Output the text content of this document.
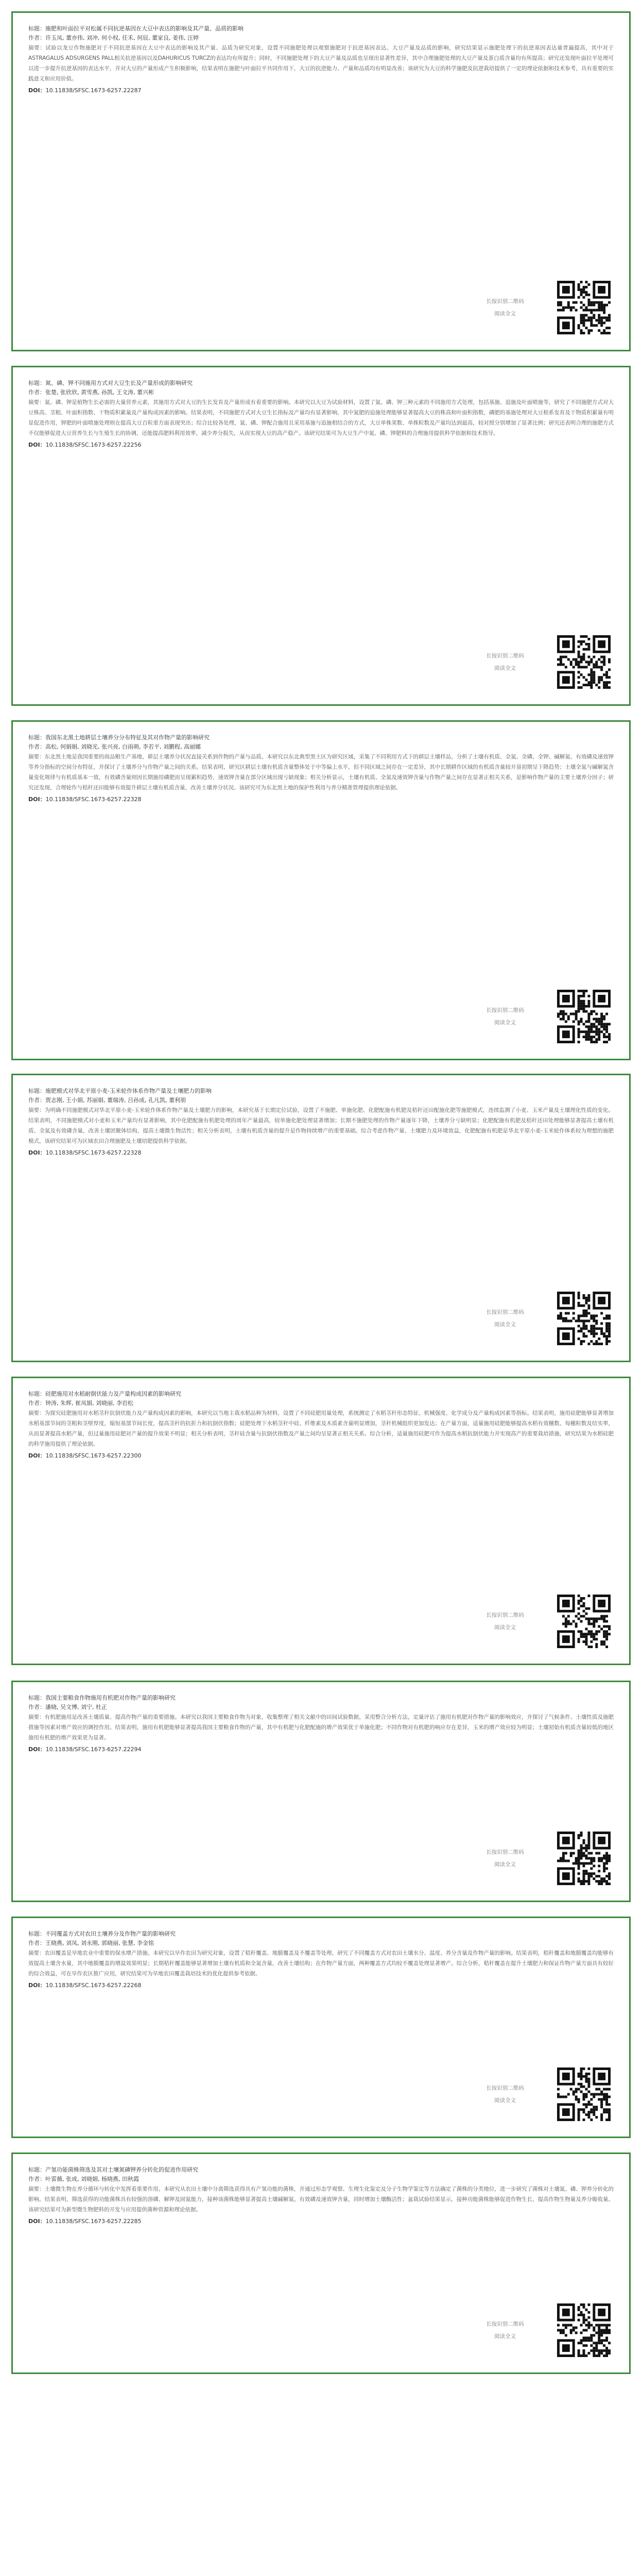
标题：施肥和叶面拉平对松属不同抗逆基因在大豆中表达的影响及其产量、品质的影响
作者：许玉凤, 董亦伟, 刘冲, 何小权, 任禾, 何辰, 董家良, 姜伟, 汪婷
摘要：试验以龙豆作物施肥对于不同抗逆基因在大豆中表达的影响及其产量、品质为研究对象，设置不同施肥处理以观察施肥对于抗逆基因表达、大豆产量及品质的影响，研究结果显示施肥处理下的抗逆基因表达量普遍提高，其中对于ASTRAGALUS ADSURGENS PALL相关抗逆基因以及DAHURICUS TURCZ的表达均有所提升；同时，不同施肥处理下的大豆产量及品质也呈现出显著性差异，其中合理施肥处理的大豆产量及蛋白质含量均有所提高；研究还发现叶面拉平处理可以进一步提升抗逆基因的表达水平，并对大豆的产量形成产生积极影响，结果表明在施肥与叶面拉平共同作用下，大豆的抗逆能力、产量和品质均有明显改善；该研究为大豆的科学施肥及抗逆栽培提供了一定的理论依据和技术参考，具有重要的实践意义和应用价值。
DOI：10.11838/SFSC.1673-6257.22287
长按识别二维码
阅读全文
标题：氮、磷、钾不同施用方式对大豆生长及产量形成的影响研究
作者：张楚, 张欣欣, 黄雪燕, 孙凯, 王文涛, 董兴彬
摘要：氮、磷、钾是植物生长必需的大量营养元素，其施用方式对大豆的生长发育及产量形成有着重要的影响。本研究以大豆为试验材料，设置了氮、磷、钾三种元素的不同施用方式处理，包括基施、追施及叶面喷施等，研究了不同施肥方式对大豆株高、茎粗、叶面积指数、干物质积累量及产量构成因素的影响。结果表明，不同施肥方式对大豆生长指标及产量均有显著影响，其中氮肥的追施处理能够显著提高大豆的株高和叶面积指数，磷肥的基施处理对大豆根系发育及干物质积累量有明显促进作用，钾肥的叶面喷施处理则在提高大豆百粒重方面表现突出；综合比较各处理，氮、磷、钾配合施用且采用基施与追施相结合的方式，大豆单株荚数、单株粒数及产量均达到最高，较对照分别增加了显著比例；研究还表明合理的施肥方式不仅能够促进大豆营养生长与生殖生长的协调，还能提高肥料利用效率，减少养分损失，从而实现大豆的高产稳产。该研究结果可为大豆生产中氮、磷、钾肥料的合理施用提供科学依据和技术指导。
DOI：10.11838/SFSC.1673-6257.22256
长按识别二维码
阅读全文
标题：我国东北黑土地耕层土壤养分分布特征及其对作物产量的影响研究
作者：高松, 何娟娟, 刘晓光, 张兴亮, 白雨萌, 李若平, 刘鹏程, 高丽娜
摘要：东北黑土地是我国重要的商品粮生产基地，耕层土壤养分状况直接关系到作物的产量与品质。本研究以东北典型黑土区为研究区域，采集了不同利用方式下的耕层土壤样品，分析了土壤有机质、全氮、全磷、全钾、碱解氮、有效磷及速效钾等养分指标的空间分布特征，并探讨了土壤养分与作物产量之间的关系。结果表明，研究区耕层土壤有机质含量整体处于中等偏上水平，但不同区域之间存在一定差异，其中长期耕作区域的有机质含量较开垦初期呈下降趋势；土壤全氮与碱解氮含量变化规律与有机质基本一致，有效磷含量则因长期施用磷肥而呈现累积趋势，速效钾含量在部分区域出现亏缺现象；相关分析显示，土壤有机质、全氮及速效钾含量与作物产量之间存在显著正相关关系，是影响作物产量的主要土壤养分因子；研究还发现，合理轮作与秸秆还田能够有效提升耕层土壤有机质含量，改善土壤养分状况。该研究可为东北黑土地的保护性利用与养分精准管理提供理论依据。
DOI：10.11838/SFSC.1673-6257.22328
长按识别二维码
阅读全文
标题：施肥模式对华北平原小麦-玉米轮作体系作物产量及土壤肥力的影响
作者：贾志刚, 王小娟, 苏丽娟, 董瑞涛, 吕孙成, 孔凡凯, 董利朋
摘要：为明确不同施肥模式对华北平原小麦-玉米轮作体系作物产量及土壤肥力的影响，本研究基于长期定位试验，设置了不施肥、单施化肥、化肥配施有机肥及秸秆还田配施化肥等施肥模式，连续监测了小麦、玉米产量及土壤理化性质的变化。结果表明，不同施肥模式对小麦和玉米产量均有显著影响，其中化肥配施有机肥处理的周年产量最高，较单施化肥处理显著增加；长期不施肥处理的作物产量逐年下降，土壤养分亏缺明显；化肥配施有机肥及秸秆还田处理能够显著提高土壤有机质、全氮及有效磷含量，改善土壤团聚体结构，提高土壤微生物活性；相关分析表明，土壤有机质含量的提升是作物持续增产的重要基础。综合考虑作物产量、土壤肥力及环境效益，化肥配施有机肥是华北平原小麦-玉米轮作体系较为理想的施肥模式，该研究结果可为区域农田合理施肥及土壤培肥提供科学依据。
DOI：10.11838/SFSC.1673-6257.22328
长按识别二维码
阅读全文
标题：硅肥施用对水稻耐倒伏能力及产量构成因素的影响研究
作者：钟涛, 朱辉, 崔凤娟, 刘晓丽, 李岩松
摘要：为探究硅肥施用对水稻茎秆抗倒伏能力及产量构成因素的影响，本研究以当地主栽水稻品种为材料，设置了不同硅肥用量处理，系统测定了水稻茎秆形态特征、机械强度、化学成分及产量构成因素等指标。结果表明，施用硅肥能够显著增加水稻基部节间的茎粗和茎壁厚度，缩短基部节间长度，提高茎秆的抗折力和抗倒伏指数；硅肥处理下水稻茎秆中硅、纤维素及木质素含量明显增加，茎秆机械组织更加发达；在产量方面，适量施用硅肥能够提高水稻有效穗数、每穗粒数及结实率，从而显著提高水稻产量，但过量施用硅肥对产量的提升效果不明显；相关分析表明，茎秆硅含量与抗倒伏指数及产量之间均呈显著正相关关系。综合分析，适量施用硅肥可作为提高水稻抗倒伏能力并实现高产的重要栽培措施，研究结果为水稻硅肥的科学施用提供了理论依据。
DOI：10.11838/SFSC.1673-6257.22300
长按识别二维码
阅读全文
标题：我国主要粮食作物施用有机肥对作物产量的影响研究
作者：潘晓, 吴文博, 刘宁, 杜正
摘要：有机肥施用是改善土壤质量、提高作物产量的重要措施。本研究以我国主要粮食作物为对象，收集整理了相关文献中的田间试验数据，采用整合分析方法，定量评估了施用有机肥对作物产量的影响效应，并探讨了气候条件、土壤性质及施肥措施等因素对增产效应的调控作用。结果表明，施用有机肥能够显著提高我国主要粮食作物的产量，其中有机肥与化肥配施的增产效果优于单施化肥；不同作物对有机肥的响应存在差异，玉米的增产效应较为明显；土壤初始有机质含量较低的地区施用有机肥的增产效果更为显著。
DOI：10.11838/SFSC.1673-6257.22294
长按识别二维码
阅读全文
标题：不同覆盖方式对农田土壤养分及作物产量的影响研究
作者：王晓燕, 刘凤, 刘永刚, 郭晓丽, 张慧, 李金铭
摘要：农田覆盖是旱地农业中重要的保水增产措施。本研究以旱作农田为研究对象，设置了秸秆覆盖、地膜覆盖及不覆盖等处理，研究了不同覆盖方式对农田土壤水分、温度、养分含量及作物产量的影响。结果表明，秸秆覆盖和地膜覆盖均能够有效提高土壤含水量，其中地膜覆盖的增温效果明显；长期秸秆覆盖能够显著增加土壤有机质和全氮含量，改善土壤结构；在作物产量方面，两种覆盖方式均较不覆盖处理显著增产。综合分析，秸秆覆盖在提升土壤肥力和保证作物产量方面具有较好的综合效益，可在旱作农区推广应用，研究结果可为旱地农田覆盖栽培技术的优化提供参考依据。
DOI：10.11838/SFSC.1673-6257.22268
长按识别二维码
阅读全文
标题：产氢功能菌株筛选及其对土壤氮磷钾养分转化的促进作用研究
作者：叶雷薇, 张成, 刘晓娟, 杨晓燕, 田秋霞
摘要：土壤微生物在养分循环与转化中发挥着重要作用。本研究从农田土壤中分离筛选获得具有产氢功能的菌株，并通过形态学观察、生理生化鉴定及分子生物学鉴定等方法确定了菌株的分类地位，进一步研究了菌株对土壤氮、磷、钾养分转化的影响。结果表明，筛选获得的功能菌株具有较强的溶磷、解钾及固氮能力，接种该菌株能够显著提高土壤碱解氮、有效磷及速效钾含量，同时增加土壤酶活性；盆栽试验结果显示，接种功能菌株能够促进作物生长，提高作物生物量及养分吸收量。该研究结果可为新型微生物肥料的开发与应用提供菌种资源和理论依据。
DOI：10.11838/SFSC.1673-6257.22285
长按识别二维码
阅读全文
